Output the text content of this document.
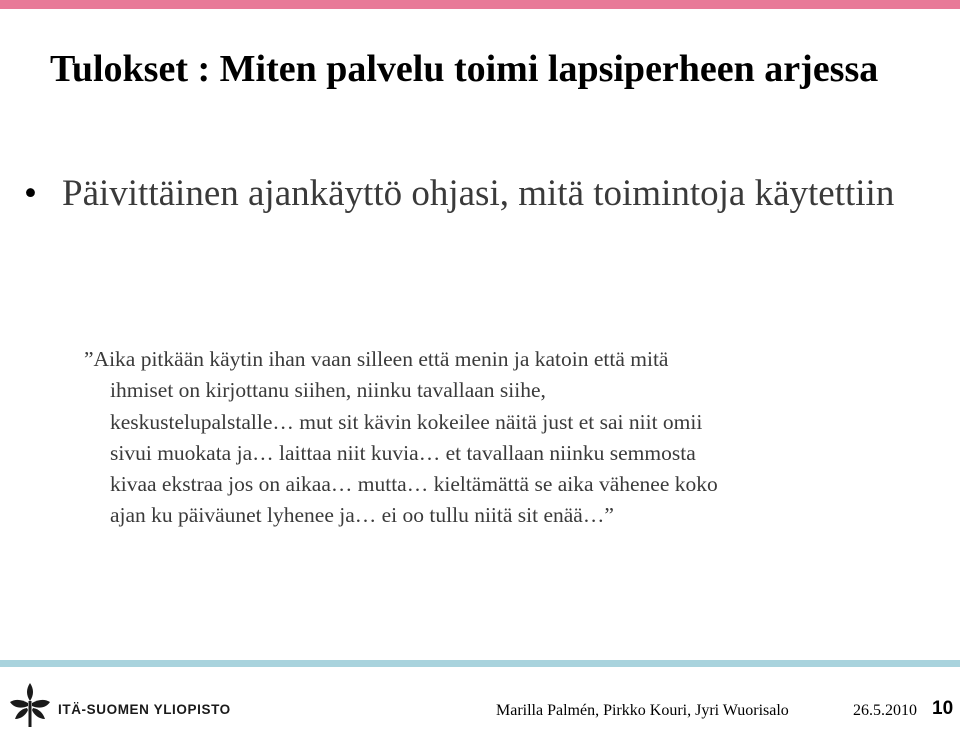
Tulokset : Miten palvelu toimi lapsiperheen arjessa
• Päivittäinen ajankäyttö ohjasi, mitä toimintoja käytettiin
”Aika pitkään käytin ihan vaan silleen että menin ja katoin että mitä
ihmiset on kirjottanu siihen, niinku tavallaan siihe,
keskustelupalstalle… mut sit kävin kokeilee näitä just et sai niit omii
sivui muokata ja… laittaa niit kuvia… et tavallaan niinku semmosta
kivaa ekstraa jos on aikaa… mutta… kieltämättä se aika vähenee koko
ajan ku päiväunet lyhenee ja… ei oo tullu niitä sit enää…”
ITÄ-SUOMEN YLIOPISTO	Marilla Palmén, Pirkko Kouri, Jyri Wuorisalo	26.5.2010 10
